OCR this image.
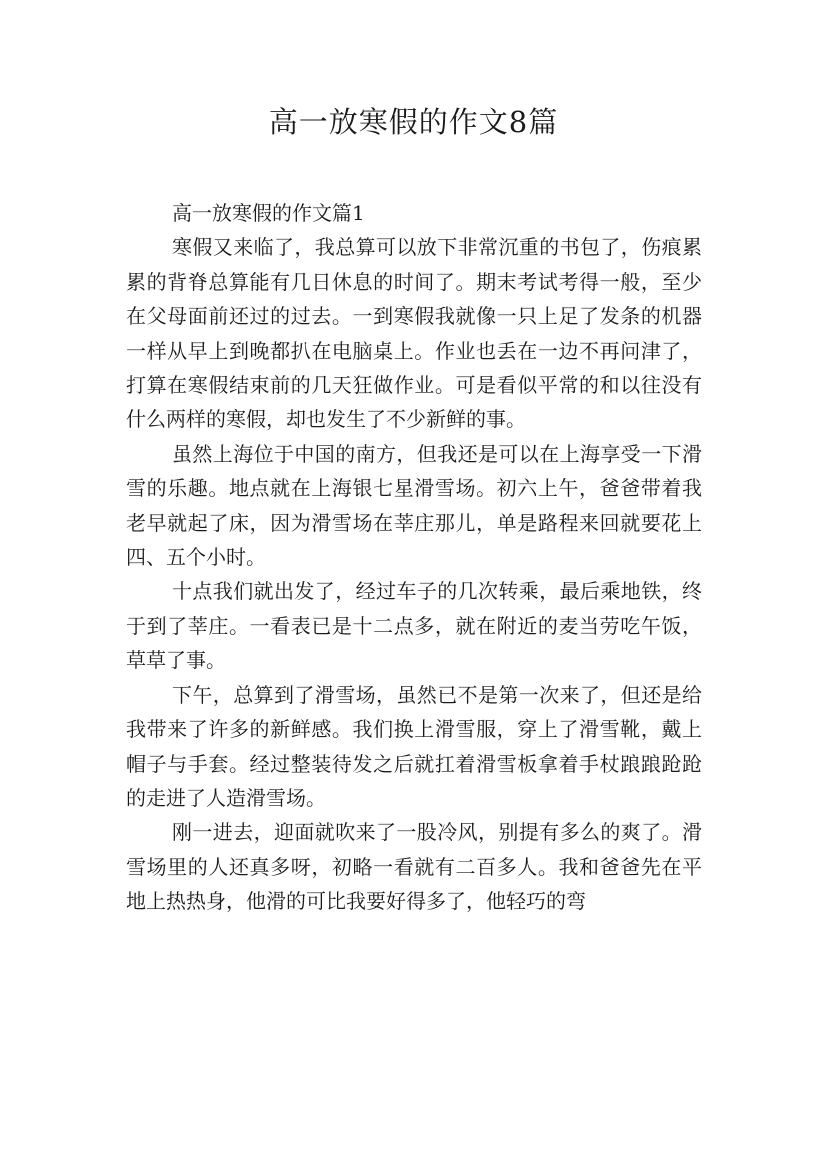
高一放寒假的作文8篇

高一放寒假的作文篇1

寒假又来临了，我总算可以放下非常沉重的书包了，伤痕累累的背脊总算能有几日休息的时间了。期末考试考得一般，至少在父母面前还过的过去。一到寒假我就像一只上足了发条的机器一样从早上到晚都扒在电脑桌上。作业也丢在一边不再问津了，打算在寒假结束前的几天狂做作业。可是看似平常的和以往没有什么两样的寒假，却也发生了不少新鲜的事。

虽然上海位于中国的南方，但我还是可以在上海享受一下滑雪的乐趣。地点就在上海银七星滑雪场。初六上午，爸爸带着我老早就起了床，因为滑雪场在莘庄那儿，单是路程来回就要花上四、五个小时。

十点我们就出发了，经过车子的几次转乘，最后乘地铁，终于到了莘庄。一看表已是十二点多，就在附近的麦当劳吃午饭，草草了事。

下午，总算到了滑雪场，虽然已不是第一次来了，但还是给我带来了许多的新鲜感。我们换上滑雪服，穿上了滑雪靴，戴上帽子与手套。经过整装待发之后就扛着滑雪板拿着手杖踉踉跄跄的走进了人造滑雪场。

刚一进去，迎面就吹来了一股冷风，别提有多么的爽了。滑雪场里的人还真多呀，初略一看就有二百多人。我和爸爸先在平地上热热身，他滑的可比我要好得多了，他轻巧的弯
